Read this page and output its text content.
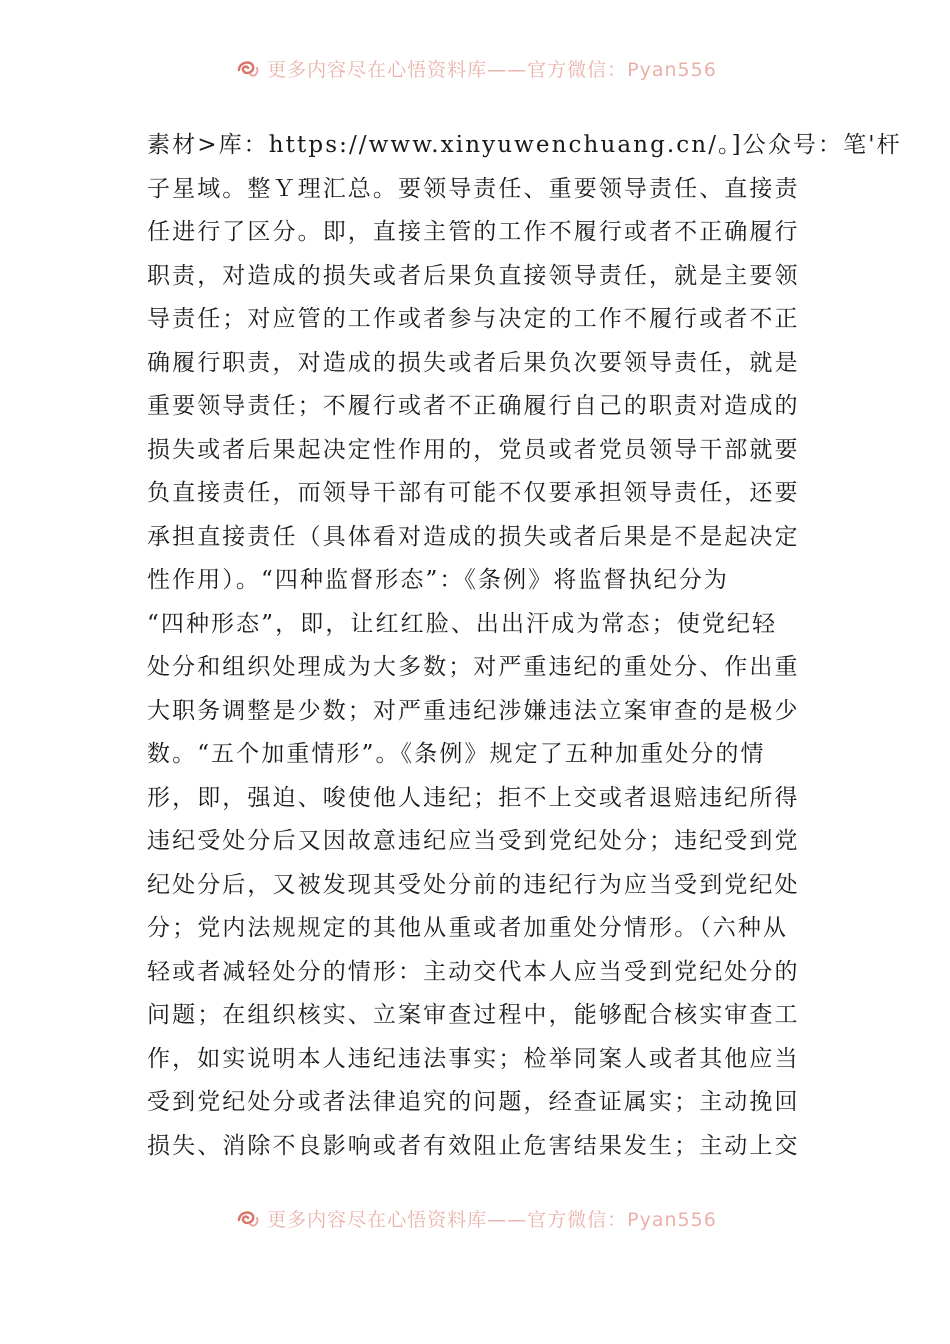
更多内容尽在心悟资料库——官方微信：Pyan556
素材>库：https://www.xinyuwenchuang.cn/。]公众号：笔'杆
子星域。整Ｙ理汇总。要领导责任、重要领导责任、直接责
任进行了区分。即，直接主管的工作不履行或者不正确履行
职责，对造成的损失或者后果负直接领导责任，就是主要领
导责任；对应管的工作或者参与决定的工作不履行或者不正
确履行职责，对造成的损失或者后果负次要领导责任，就是
重要领导责任；不履行或者不正确履行自己的职责对造成的
损失或者后果起决定性作用的，党员或者党员领导干部就要
负直接责任，而领导干部有可能不仅要承担领导责任，还要
承担直接责任（具体看对造成的损失或者后果是不是起决定
性作用）。“四种监督形态”：《条例》将监督执纪分为
“四种形态”，即，让红红脸、出出汗成为常态；使党纪轻
处分和组织处理成为大多数；对严重违纪的重处分、作出重
大职务调整是少数；对严重违纪涉嫌违法立案审查的是极少
数。“五个加重情形”。《条例》规定了五种加重处分的情
形，即，强迫、唆使他人违纪；拒不上交或者退赔违纪所得
违纪受处分后又因故意违纪应当受到党纪处分；违纪受到党
纪处分后，又被发现其受处分前的违纪行为应当受到党纪处
分；党内法规规定的其他从重或者加重处分情形。（六种从
轻或者减轻处分的情形：主动交代本人应当受到党纪处分的
问题；在组织核实、立案审查过程中，能够配合核实审查工
作，如实说明本人违纪违法事实；检举同案人或者其他应当
受到党纪处分或者法律追究的问题，经查证属实；主动挽回
损失、消除不良影响或者有效阻止危害结果发生；主动上交
更多内容尽在心悟资料库——官方微信：Pyan556
